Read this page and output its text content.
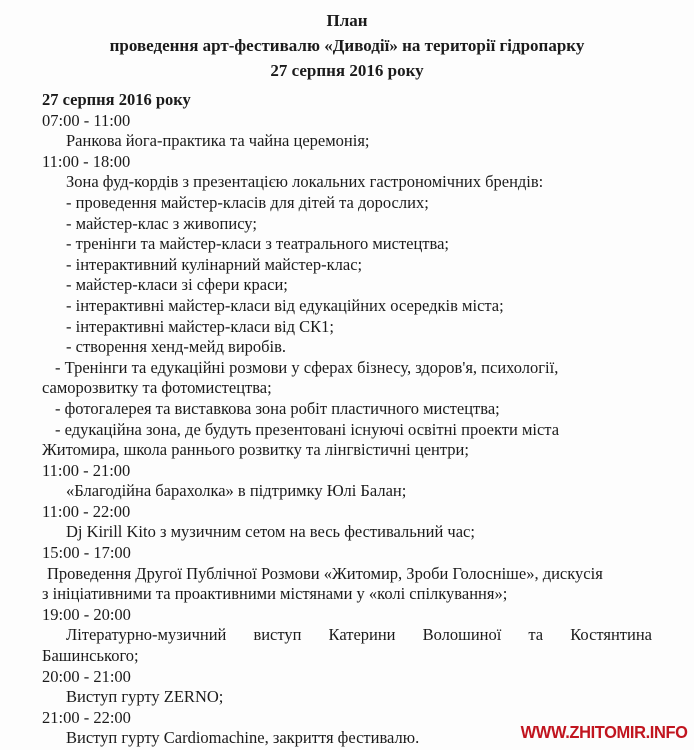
План
проведення арт-фестивалю «Диводії» на території гідропарку
27 серпня 2016 року

27 серпня 2016 року

07:00 - 11:00

Ранкова йога-практика та чайна церемонія;

11:00 - 18:00

Зона фуд-кордів з презентацією локальних гастрономічних брендів:

- проведення майстер-класів для дітей та дорослих;

- майстер-клас з живопису;

- тренінги та майстер-класи з театрального мистецтва;

- інтерактивний кулінарний майстер-клас;

- майстер-класи зі сфери краси;

- інтерактивні майстер-класи від едукаційних осередків міста;

- інтерактивні майстер-класи від СК1;

- створення хенд-мейд виробів.

- Тренінги та едукаційні розмови у сферах бізнесу, здоров'я, психології,
саморозвитку та фотомистецтва;

- фотогалерея та виставкова зона робіт пластичного мистецтва;

- едукаційна зона, де будуть презентовані існуючі освітні проекти міста
Житомира, школа раннього розвитку та лінгвістичні центри;

11:00 - 21:00

«Благодійна барахолка» в підтримку Юлі Балан;

11:00 - 22:00

Dj Kirill Kito з музичним сетом на весь фестивальний час;

15:00 - 17:00

Проведення Другої Публічної Розмови «Житомир, Зроби Голосніше», дискусія
з ініціативними та проактивними містянами у «колі спілкування»;

19:00 - 20:00

Літературно-музичний виступ Катерини Волошиної та Костянтина
Башинського;

20:00 - 21:00

Виступ гурту ZERNO;

21:00 - 22:00

Виступ гурту Cardiomachine, закриття фестивалю.	WWW.ZHITOMIR.INFO
